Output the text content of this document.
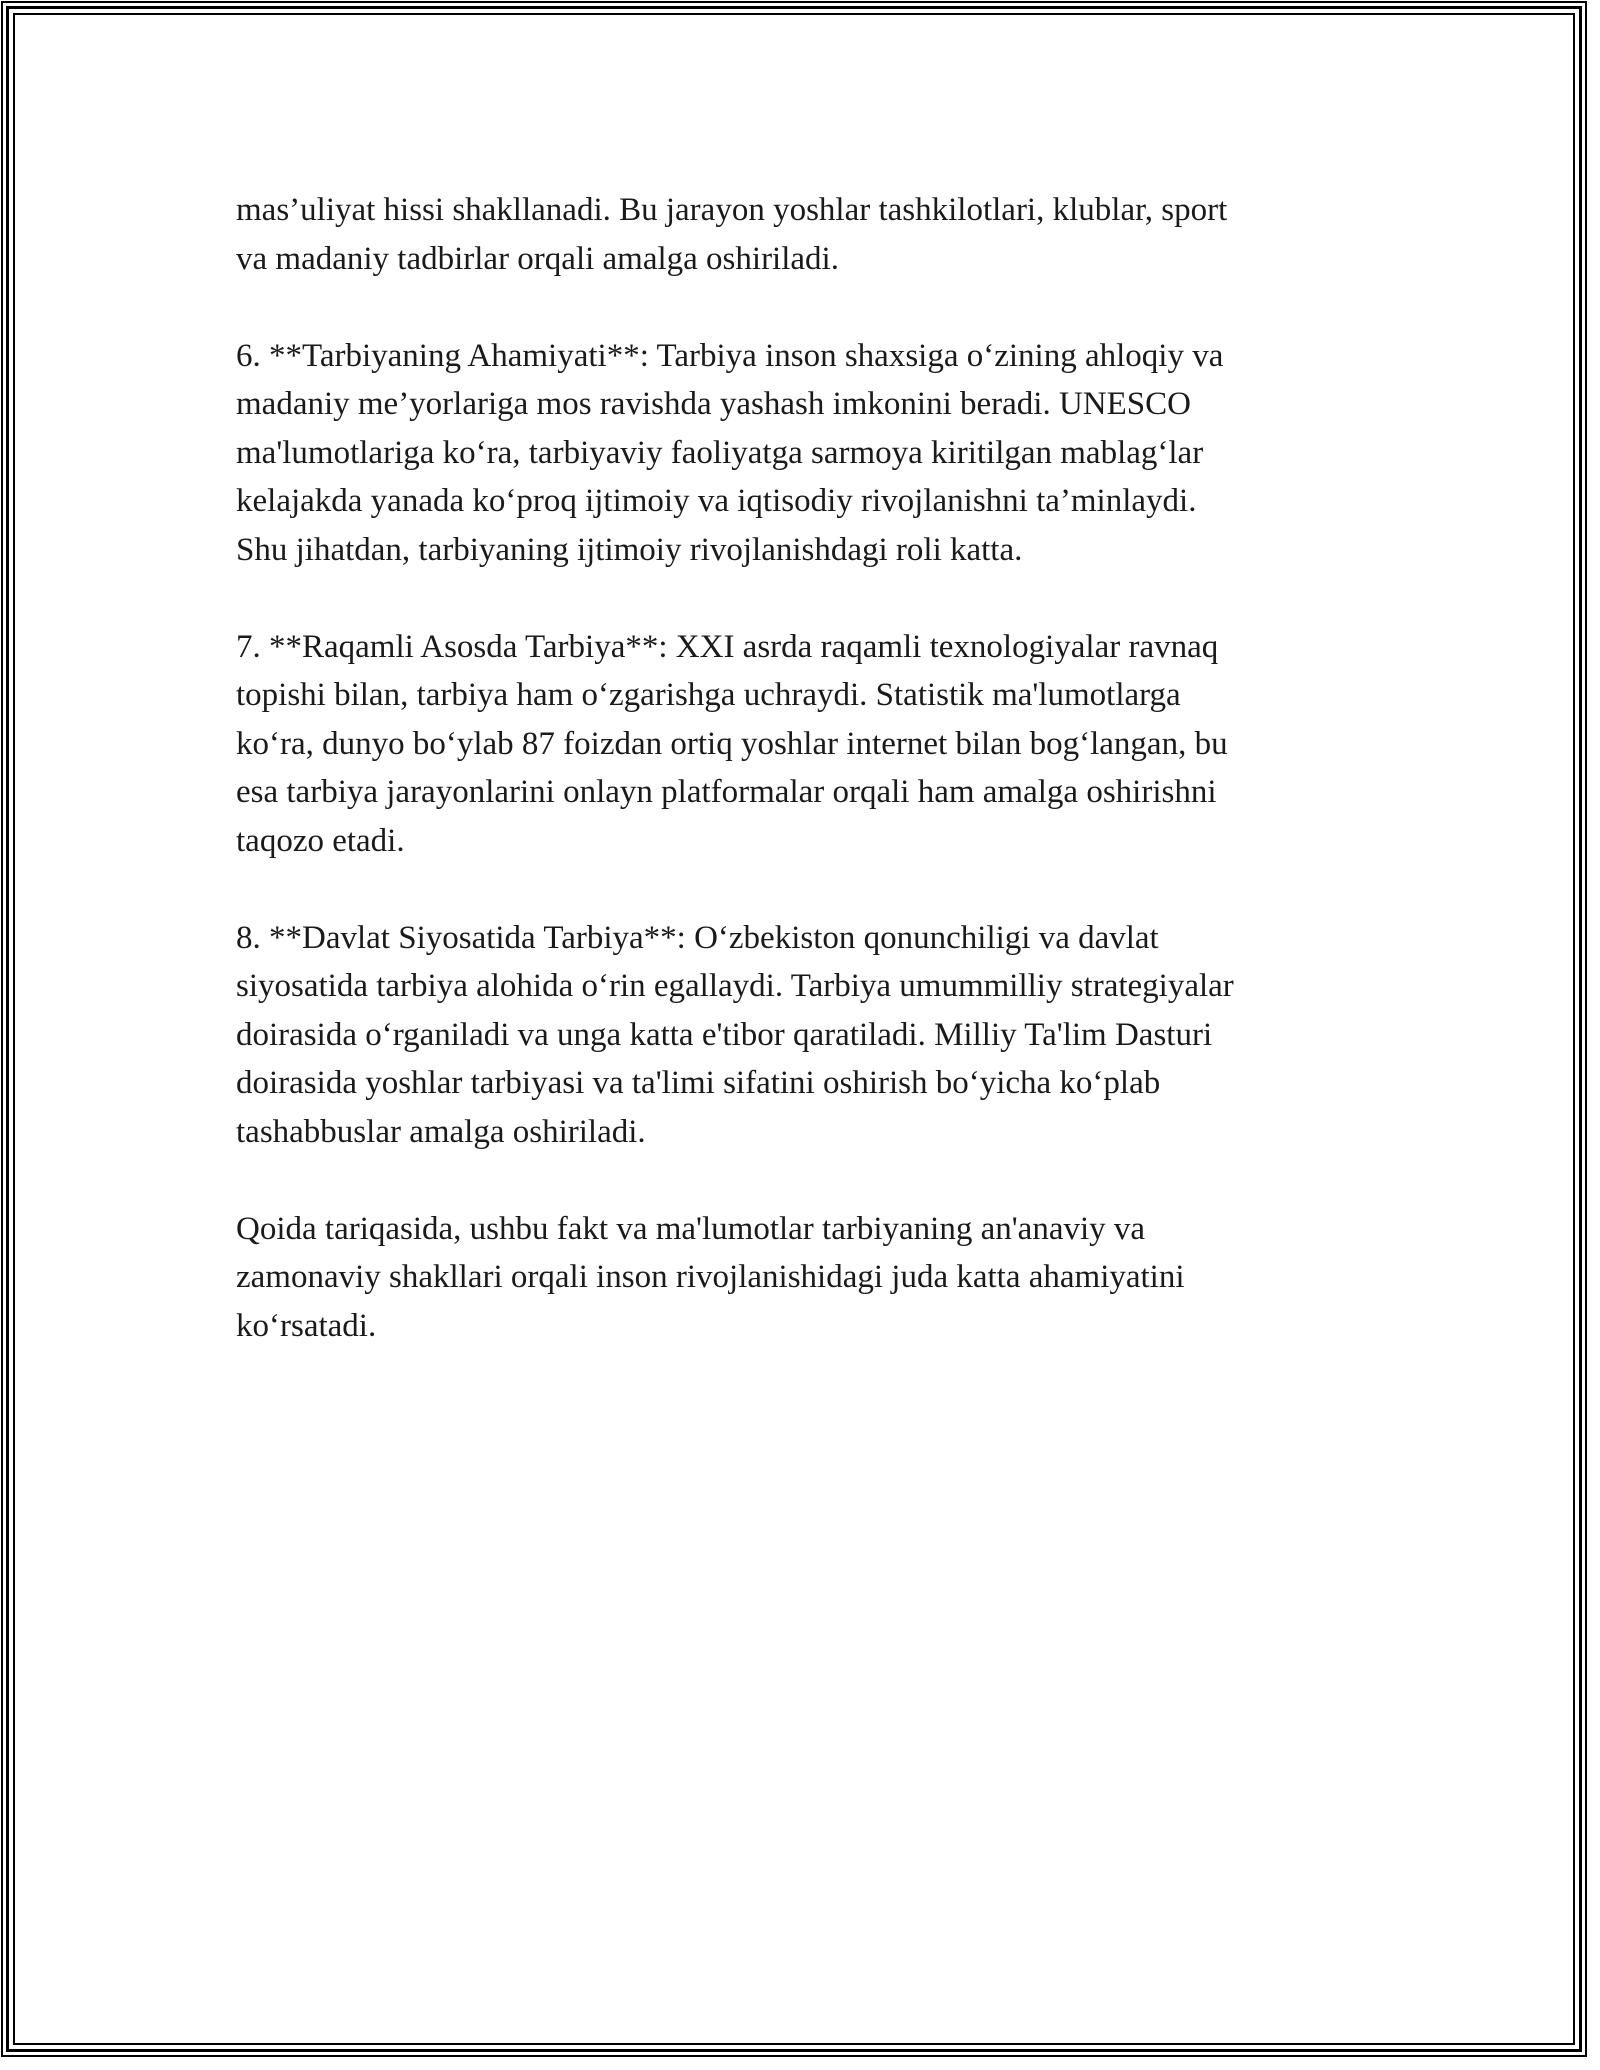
mas’uliyat hissi shakllanadi. Bu jarayon yoshlar tashkilotlari, klublar, sport
va madaniy tadbirlar orqali amalga oshiriladi.

6. **Tarbiyaning Ahamiyati**: Tarbiya inson shaxsiga o‘zining ahloqiy va
madaniy me’yorlariga mos ravishda yashash imkonini beradi. UNESCO
ma'lumotlariga ko‘ra, tarbiyaviy faoliyatga sarmoya kiritilgan mablag‘lar
kelajakda yanada ko‘proq ijtimoiy va iqtisodiy rivojlanishni ta’minlaydi.
Shu jihatdan, tarbiyaning ijtimoiy rivojlanishdagi roli katta.

7. **Raqamli Asosda Tarbiya**: XXI asrda raqamli texnologiyalar ravnaq
topishi bilan, tarbiya ham o‘zgarishga uchraydi. Statistik ma'lumotlarga
ko‘ra, dunyo bo‘ylab 87 foizdan ortiq yoshlar internet bilan bog‘langan, bu
esa tarbiya jarayonlarini onlayn platformalar orqali ham amalga oshirishni
taqozo etadi.

8. **Davlat Siyosatida Tarbiya**: O‘zbekiston qonunchiligi va davlat
siyosatida tarbiya alohida o‘rin egallaydi. Tarbiya umummilliy strategiyalar
doirasida o‘rganiladi va unga katta e'tibor qaratiladi. Milliy Ta'lim Dasturi
doirasida yoshlar tarbiyasi va ta'limi sifatini oshirish bo‘yicha ko‘plab
tashabbuslar amalga oshiriladi.

Qoida tariqasida, ushbu fakt va ma'lumotlar tarbiyaning an'anaviy va
zamonaviy shakllari orqali inson rivojlanishidagi juda katta ahamiyatini
ko‘rsatadi.
